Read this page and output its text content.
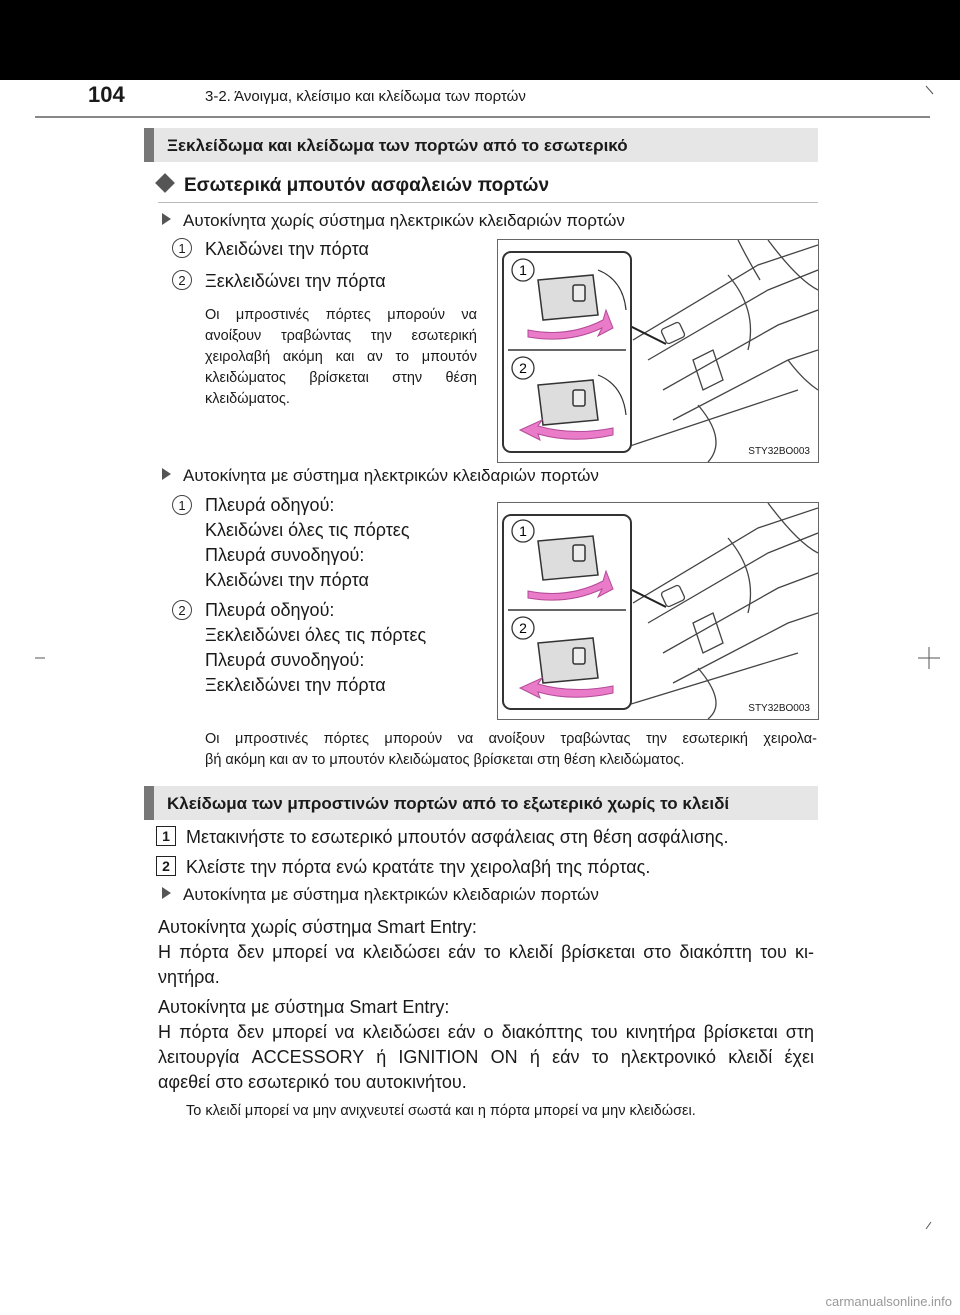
104	3-2. Άνοιγμα, κλείσιμο και κλείδωμα των πορτών
Ξεκλείδωμα και κλείδωμα των πορτών από το εσωτερικό
Εσωτερικά μπουτόν ασφαλειών πορτών
Αυτοκίνητα χωρίς σύστημα ηλεκτρικών κλειδαριών πορτών
1	Κλειδώνει την πόρτα
2	Ξεκλειδώνει την πόρτα
Οι μπροστινές πόρτες μπορούν να
ανοίξουν τραβώντας την εσωτερική
χειρολαβή ακόμη και αν το μπουτόν
κλειδώματος βρίσκεται στην θέση
κλειδώματος.
1
2
STY32BO003
Αυτοκίνητα με σύστημα ηλεκτρικών κλειδαριών πορτών
1	Πλευρά οδηγού:
Κλειδώνει όλες τις πόρτες
Πλευρά συνοδηγού:
Κλειδώνει την πόρτα
2	Πλευρά οδηγού:
Ξεκλειδώνει όλες τις πόρτες
Πλευρά συνοδηγού:
Ξεκλειδώνει την πόρτα
1
2
STY32BO003
Οι μπροστινές πόρτες μπορούν να ανοίξουν τραβώντας την εσωτερική χειρολα-
βή ακόμη και αν το μπουτόν κλειδώματος βρίσκεται στη θέση κλειδώματος.
Κλείδωμα των μπροστινών πορτών από το εξωτερικό χωρίς το κλειδί
1 Μετακινήστε το εσωτερικό μπουτόν ασφάλειας στη θέση ασφάλισης.
2 Κλείστε την πόρτα ενώ κρατάτε την χειρολαβή της πόρτας.
Αυτοκίνητα με σύστημα ηλεκτρικών κλειδαριών πορτών
Αυτοκίνητα χωρίς σύστημα Smart Entry:
Η πόρτα δεν μπορεί να κλειδώσει εάν το κλειδί βρίσκεται στο διακόπτη του κι-
νητήρα.
Αυτοκίνητα με σύστημα Smart Entry:
Η πόρτα δεν μπορεί να κλειδώσει εάν ο διακόπτης του κινητήρα βρίσκεται στη
λειτουργία ACCESSORY ή IGNITION ON ή εάν το ηλεκτρονικό κλειδί έχει
αφεθεί στο εσωτερικό του αυτοκινήτου.
Το κλειδί μπορεί να μην ανιχνευτεί σωστά και η πόρτα μπορεί να μην κλειδώσει.
carmanualsonline.info
